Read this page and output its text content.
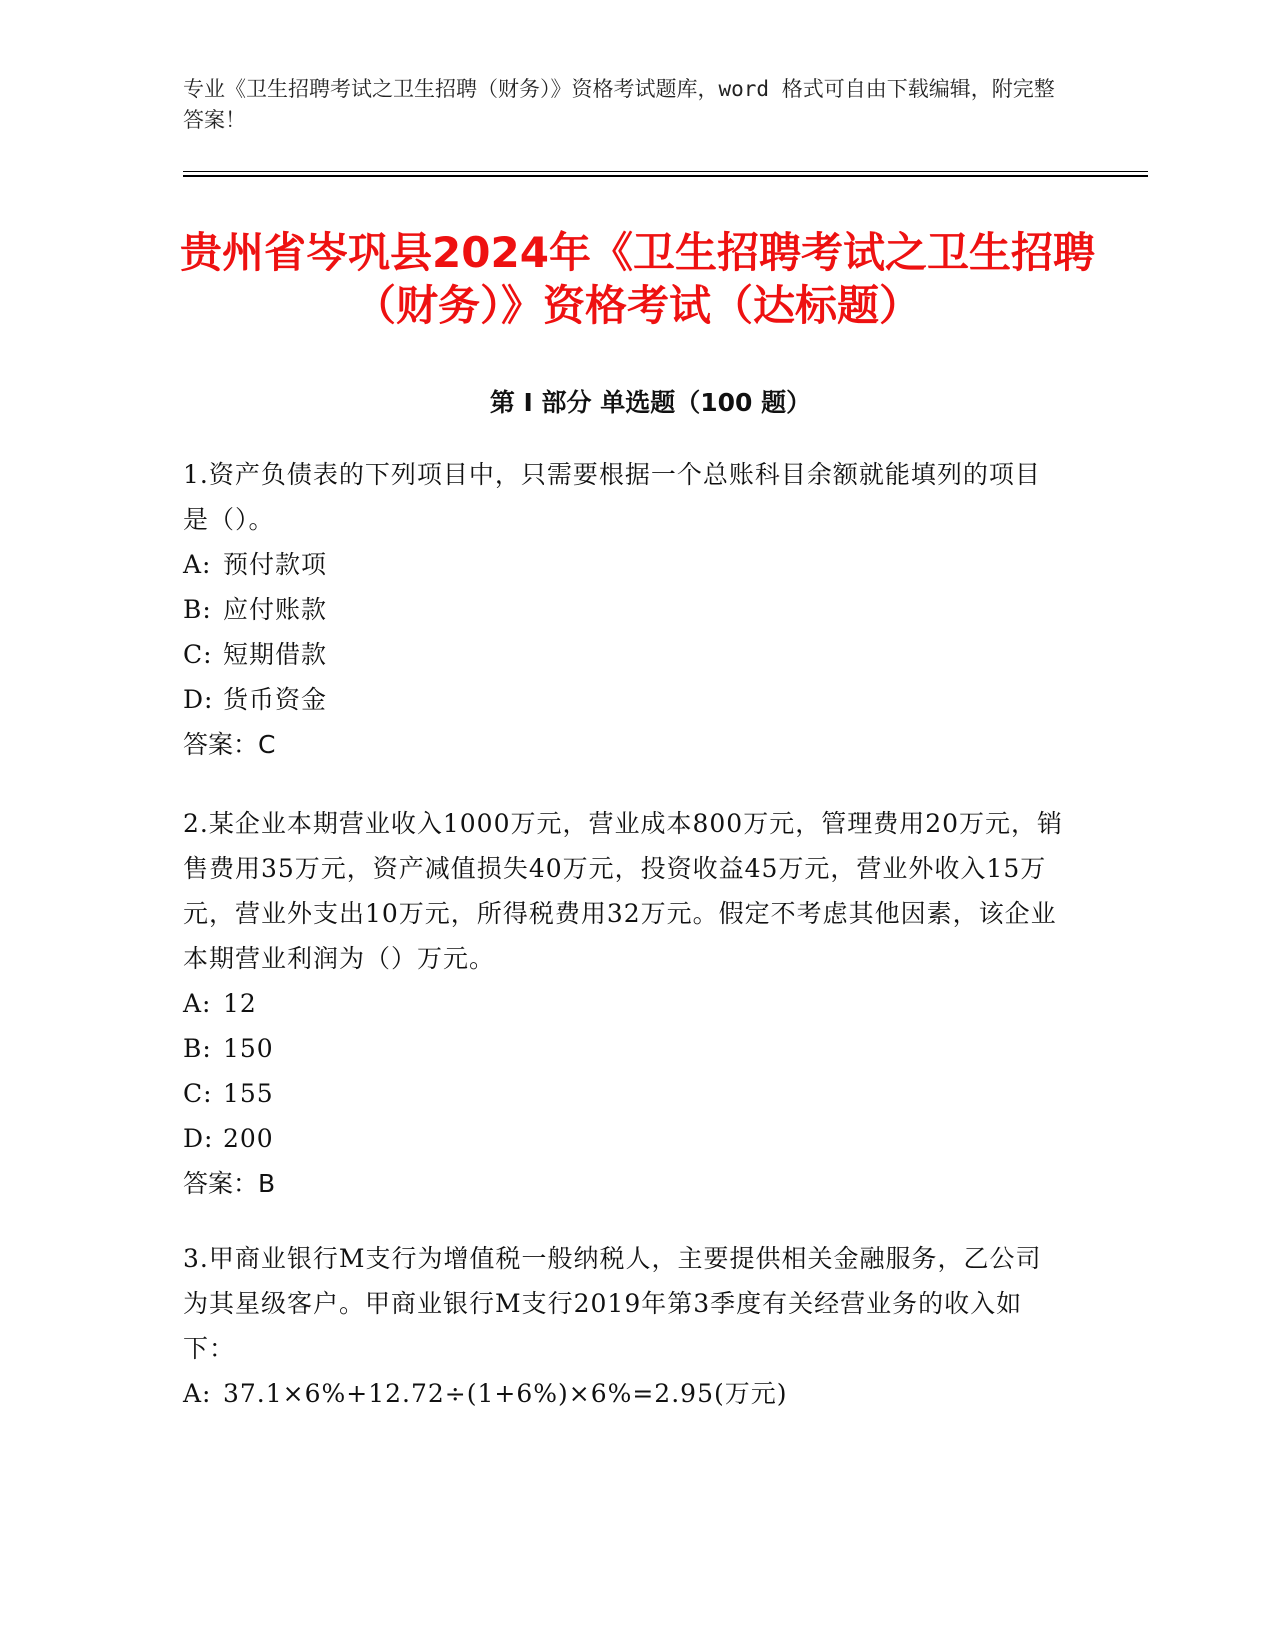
专业《卫生招聘考试之卫生招聘（财务）》资格考试题库，word 格式可自由下载编辑，附完整答案！
贵州省岑巩县2024年《卫生招聘考试之卫生招聘（财务）》资格考试（达标题）
第 I 部分 单选题（100 题）

1.资产负债表的下列项目中，只需要根据一个总账科目余额就能填列的项目是（）。

A: 预付款项

B: 应付账款

C: 短期借款

D: 货币资金

答案：C

2.某企业本期营业收入1000万元，营业成本800万元，管理费用20万元，销售费用35万元，资产减值损失40万元，投资收益45万元，营业外收入15万元，营业外支出10万元，所得税费用32万元。假定不考虑其他因素，该企业本期营业利润为（）万元。

A: 12

B: 150

C: 155

D: 200

答案：B

3.甲商业银行M支行为增值税一般纳税人，主要提供相关金融服务，乙公司为其星级客户。甲商业银行M支行2019年第3季度有关经营业务的收入如下：

A: 37.1×6%+12.72÷(1+6%)×6%=2.95(万元)
